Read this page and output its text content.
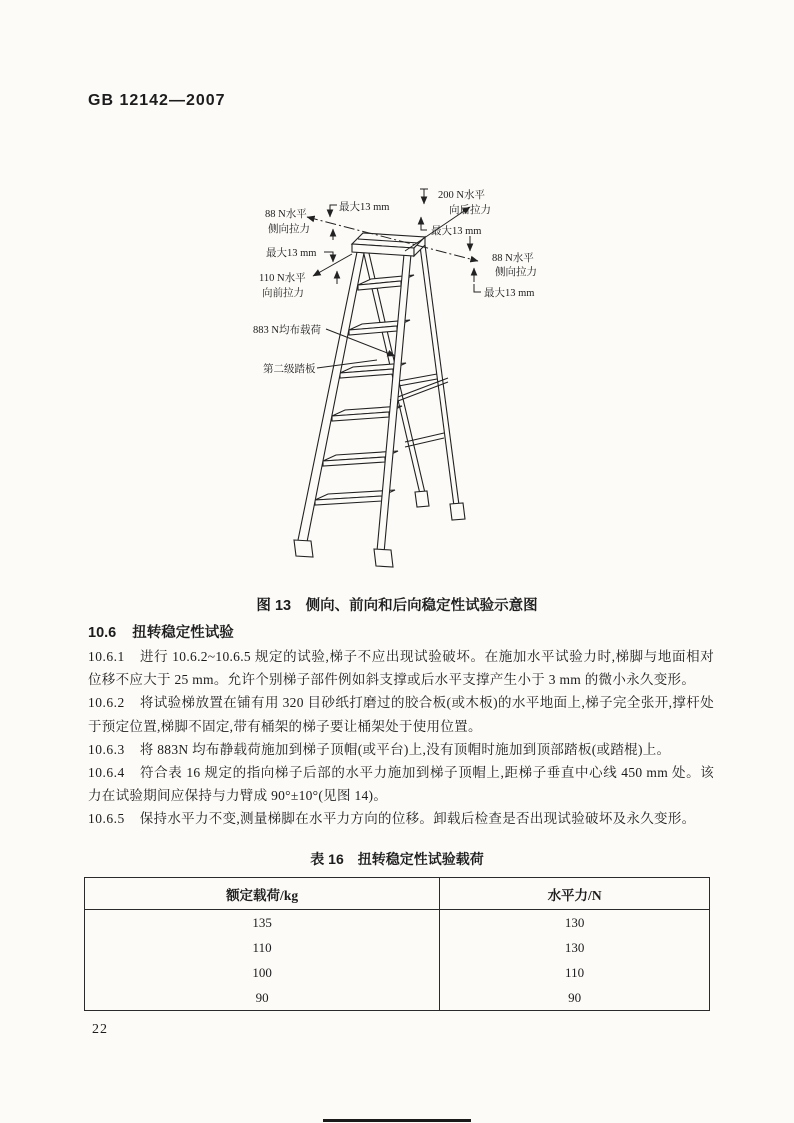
GB 12142—2007
最大13 mm
最大13 mm
最大13 mm
最大13 mm
88 N水平
侧向拉力
200 N水平
向后拉力
88 N水平
侧向拉力
110 N水平
向前拉力
883 N均布载荷
第二级踏板
图 13　侧向、前向和后向稳定性试验示意图
10.6 扭转稳定性试验

10.6.1 进行 10.6.2~10.6.5 规定的试验,梯子不应出现试验破坏。在施加水平试验力时,梯脚与地面相对位移不应大于 25 mm。允许个别梯子部件例如斜支撑或后水平支撑产生小于 3 mm 的微小永久变形。

10.6.2 将试验梯放置在铺有用 320 目砂纸打磨过的胶合板(或木板)的水平地面上,梯子完全张开,撑杆处于预定位置,梯脚不固定,带有桶架的梯子要让桶架处于使用位置。

10.6.3 将 883N 均布静载荷施加到梯子顶帽(或平台)上,没有顶帽时施加到顶部踏板(或踏棍)上。

10.6.4 符合表 16 规定的指向梯子后部的水平力施加到梯子顶帽上,距梯子垂直中心线 450 mm 处。该力在试验期间应保持与力臂成 90°±10°(见图 14)。

10.6.5 保持水平力不变,测量梯脚在水平力方向的位移。卸载后检查是否出现试验破坏及永久变形。

表 16　扭转稳定性试验载荷
额定载荷/kg	水平力/N
135	130
110	130
100	110
90	90
22
